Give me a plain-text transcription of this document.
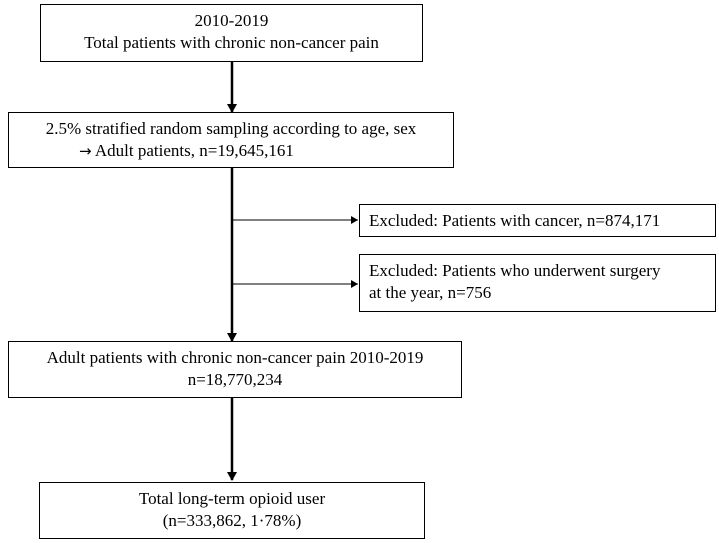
2010-2019
Total patients with chronic non-cancer pain
2.5% stratified random sampling according to age, sex
→ Adult patients, n=19,645,161
Excluded: Patients with cancer, n=874,171
Excluded: Patients who underwent surgery
at the year, n=756
Adult patients with chronic non-cancer pain 2010-2019
n=18,770,234
Total long-term opioid user
(n=333,862, 1·78%)
